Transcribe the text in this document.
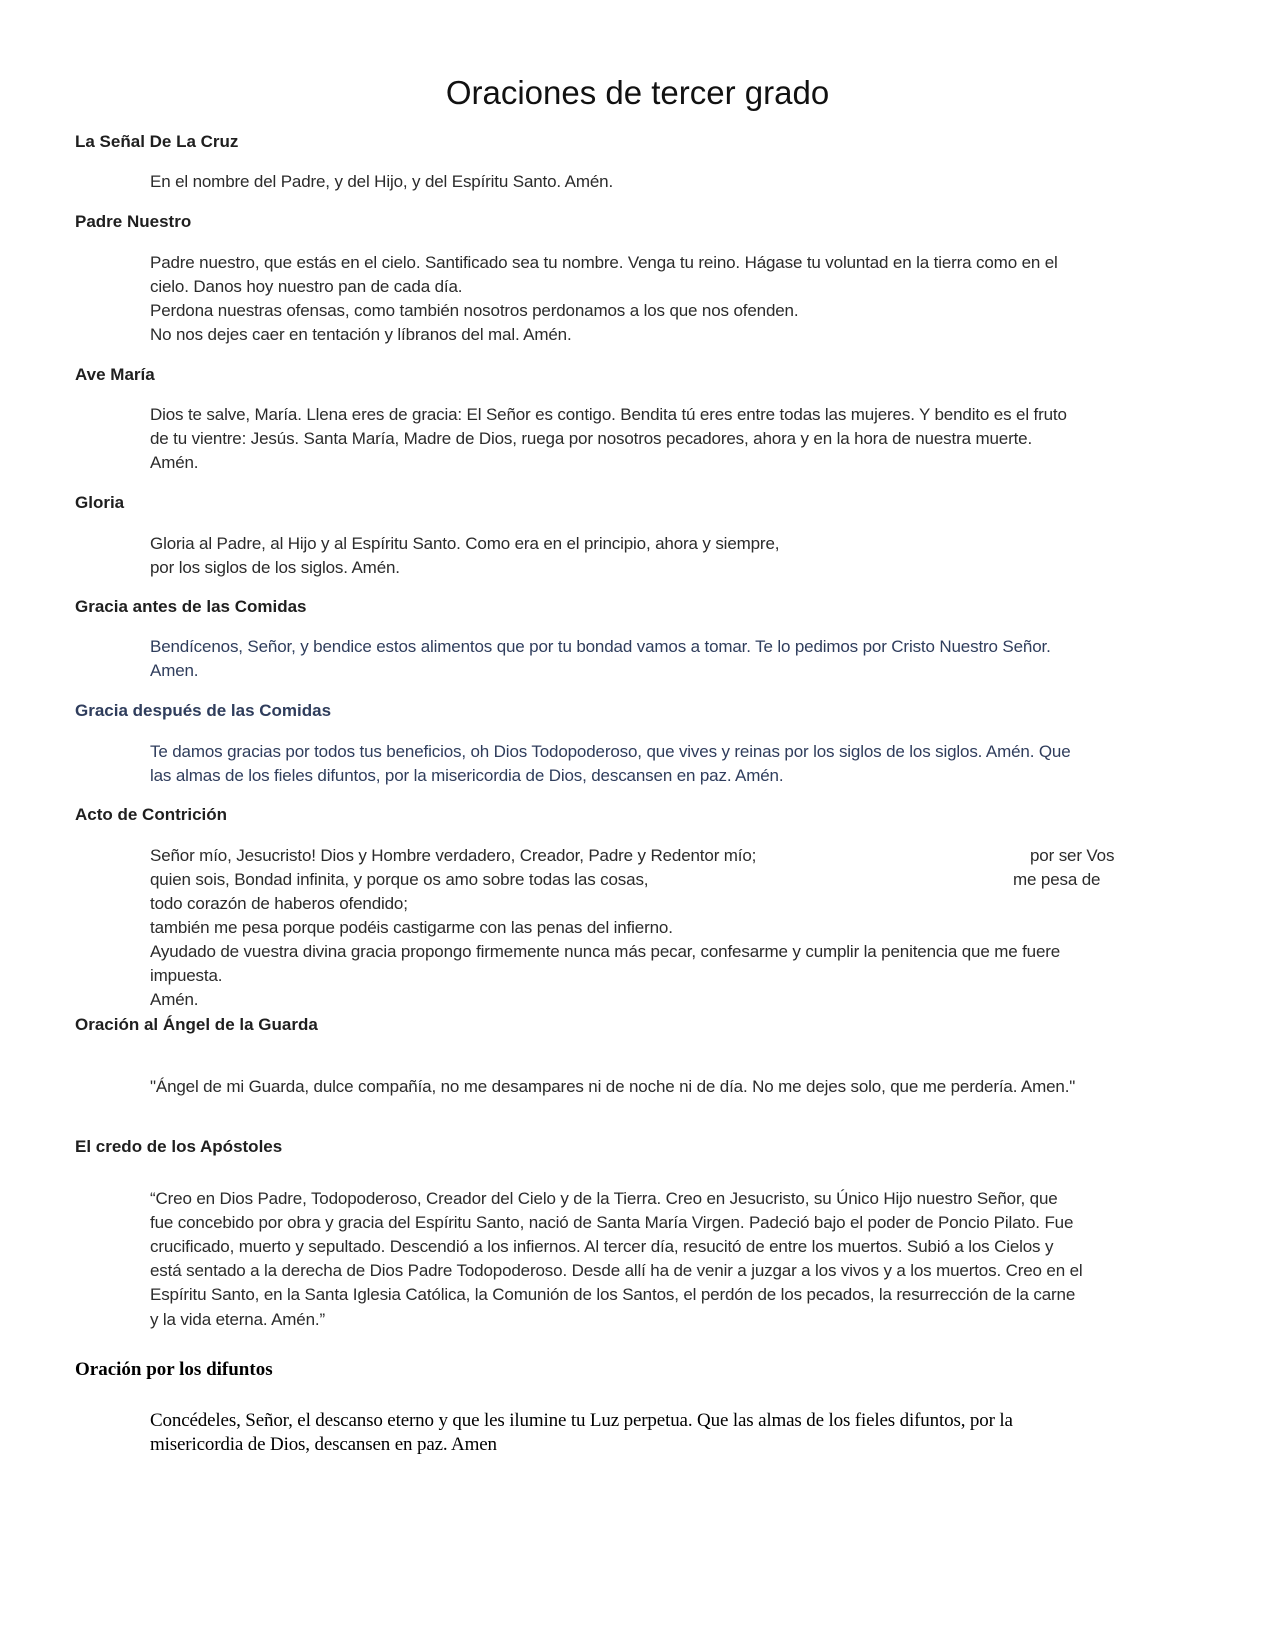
Oraciones de tercer grado
La Señal De La Cruz
En el nombre del Padre, y del Hijo, y del Espíritu Santo. Amén.
Padre Nuestro
Padre nuestro, que estás en el cielo. Santificado sea tu nombre. Venga tu reino. Hágase tu voluntad en la tierra como en el
cielo. Danos hoy nuestro pan de cada día.
Perdona nuestras ofensas, como también nosotros perdonamos a los que nos ofenden.
No nos dejes caer en tentación y líbranos del mal. Amén.
Ave María
Dios te salve, María. Llena eres de gracia: El Señor es contigo. Bendita tú eres entre todas las mujeres. Y bendito es el fruto
de tu vientre: Jesús. Santa María, Madre de Dios, ruega por nosotros pecadores, ahora y en la hora de nuestra muerte.
Amén.
Gloria
Gloria al Padre, al Hijo y al Espíritu Santo. Como era en el principio, ahora y siempre,
por los siglos de los siglos. Amén.
Gracia antes de las Comidas
Bendícenos, Señor, y bendice estos alimentos que por tu bondad vamos a tomar. Te lo pedimos por Cristo Nuestro Señor.
Amen.
Gracia después de las Comidas
Te damos gracias por todos tus beneficios, oh Dios Todopoderoso, que vives y reinas por los siglos de los siglos. Amén. Que
las almas de los fieles difuntos, por la misericordia de Dios, descansen en paz. Amén.
Acto de Contrición
Señor mío, Jesucristo! Dios y Hombre verdadero, Creador, Padre y Redentor mío;	por ser Vos
quien sois, Bondad infinita, y porque os amo sobre todas las cosas,	me pesa de
todo corazón de haberos ofendido;
también me pesa porque podéis castigarme con las penas del infierno.
Ayudado de vuestra divina gracia propongo firmemente nunca más pecar, confesarme y cumplir la penitencia que me fuere
impuesta.
Amén.
Oración al Ángel de la Guarda
"Ángel de mi Guarda, dulce compañía, no me desampares ni de noche ni de día. No me dejes solo, que me perdería. Amen."
El credo de los Apóstoles
“Creo en Dios Padre, Todopoderoso, Creador del Cielo y de la Tierra. Creo en Jesucristo, su Único Hijo nuestro Señor, que
fue concebido por obra y gracia del Espíritu Santo, nació de Santa María Virgen. Padeció bajo el poder de Poncio Pilato. Fue
crucificado, muerto y sepultado. Descendió a los infiernos. Al tercer día, resucitó de entre los muertos. Subió a los Cielos y
está sentado a la derecha de Dios Padre Todopoderoso. Desde allí ha de venir a juzgar a los vivos y a los muertos. Creo en el
Espíritu Santo, en la Santa Iglesia Católica, la Comunión de los Santos, el perdón de los pecados, la resurrección de la carne
y la vida eterna. Amén.”
Oración por los difuntos
Concédeles, Señor, el descanso eterno y que les ilumine tu Luz perpetua. Que las almas de los fieles difuntos, por la
misericordia de Dios, descansen en paz. Amen
